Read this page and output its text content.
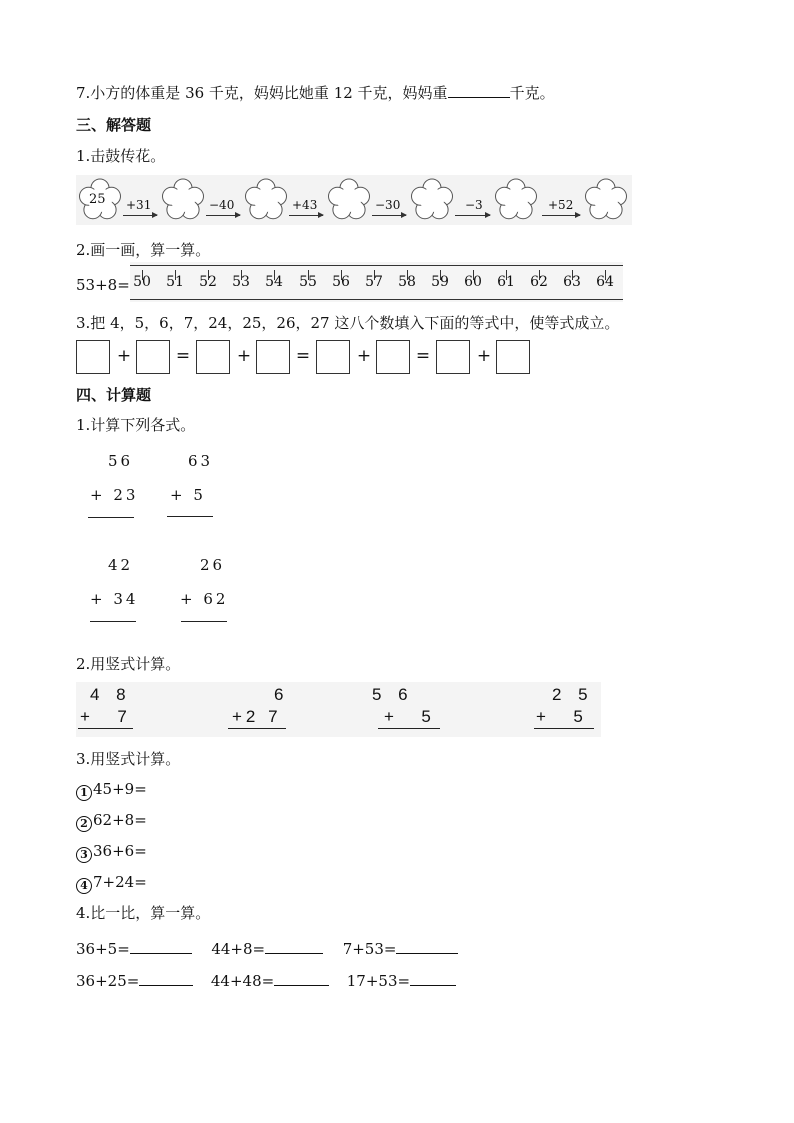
7.小方的体重是 36 千克，妈妈比她重 12 千克，妈妈重	千克。
三、解答题
1.击鼓传花。
25 +31	−40	+43	−30	−3	+52
2.画一画，算一算。
53+8= 50	51	52	53	54	55	56	57	58	59	60	61	62	63	64
3.把 4，5，6，7，24，25，26，27 这八个数填入下面的等式中，使等式成立。
+	=	+	=	+	=	+
四、计算题
1.计算下列各式。
56
+ 23
63
+ 5
42
+ 34
26
+ 62
2.用竖式计算。
4 8
+  7
6
+2 7
5 6
+  5
2 5
+  5
3.用竖式计算。
1 45+9=
2 62+8=
3 36+6=
4 7+24=
4.比一比，算一算。
36+5=	44+8=	7+53=
36+25=	44+48=	17+53=
